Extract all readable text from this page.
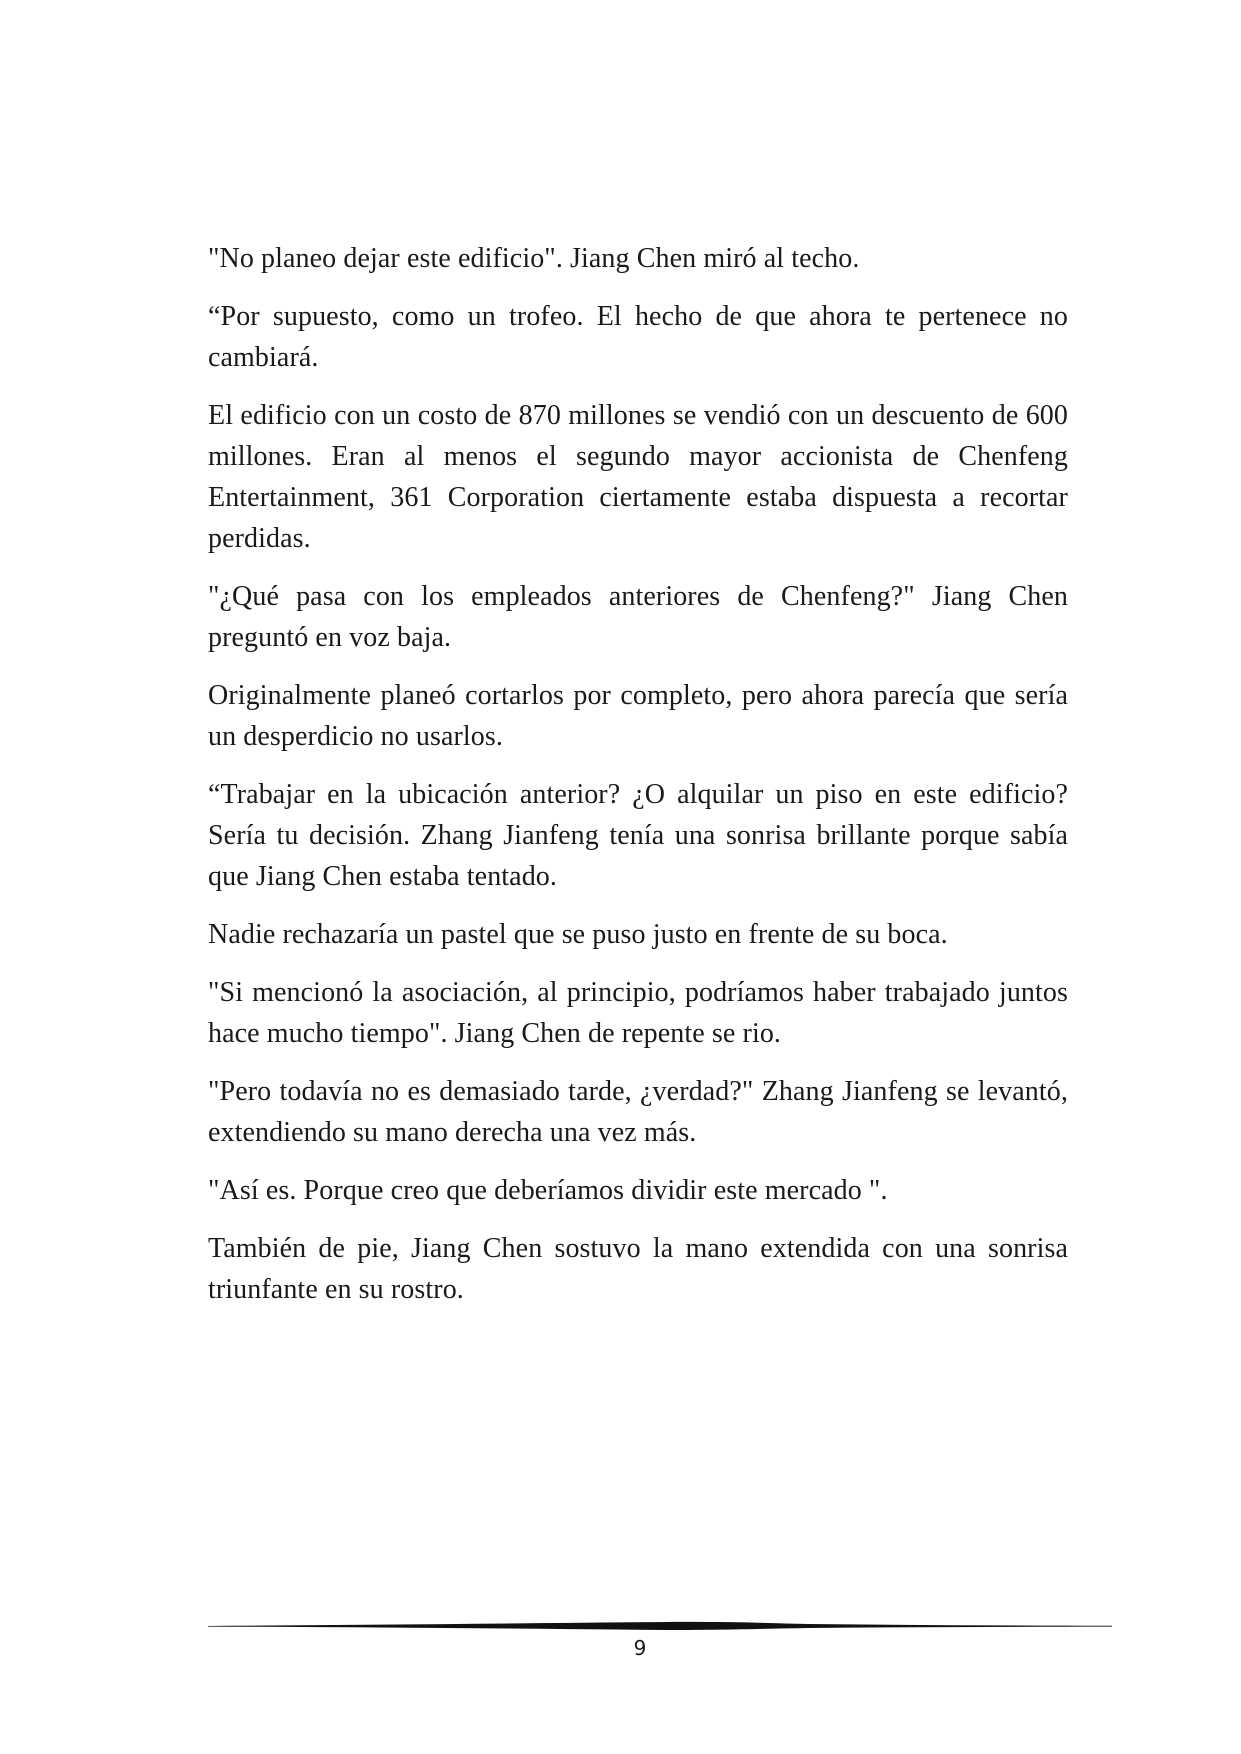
"No planeo dejar este edificio". Jiang Chen miró al techo.

“Por supuesto, como un trofeo. El hecho de que ahora te pertenece no cambiará.

El edificio con un costo de 870 millones se vendió con un descuento de 600 millones. Eran al menos el segundo mayor accionista de Chenfeng Entertainment, 361 Corporation ciertamente estaba dispuesta a recortar perdidas.

"¿Qué pasa con los empleados anteriores de Chenfeng?" Jiang Chen preguntó en voz baja.

Originalmente planeó cortarlos por completo, pero ahora parecía que sería un desperdicio no usarlos.

“Trabajar en la ubicación anterior? ¿O alquilar un piso en este edificio? Sería tu decisión. Zhang Jianfeng tenía una sonrisa brillante porque sabía que Jiang Chen estaba tentado.

Nadie rechazaría un pastel que se puso justo en frente de su boca.

"Si mencionó la asociación, al principio, podríamos haber trabajado juntos hace mucho tiempo". Jiang Chen de repente se rio.

"Pero todavía no es demasiado tarde, ¿verdad?" Zhang Jianfeng se levantó, extendiendo su mano derecha una vez más.

"Así es. Porque creo que deberíamos dividir este mercado ".

También de pie, Jiang Chen sostuvo la mano extendida con una sonrisa triunfante en su rostro.

9
